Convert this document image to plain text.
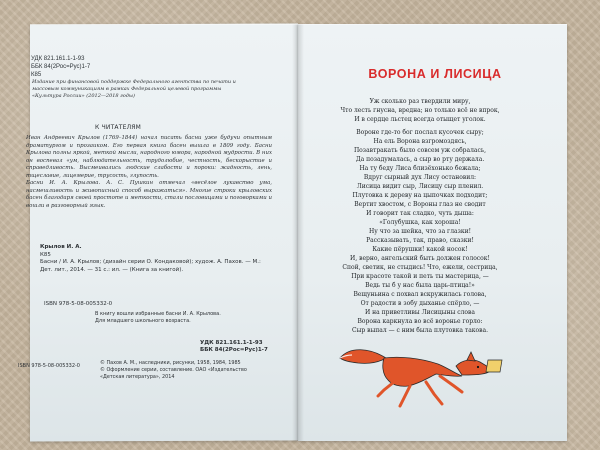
УДК 821.161.1-1-93
ББК 84(2Рос=Рус)1-7
К85
Издание при финансовой поддержке Федерального агентства по печати и массовым коммуникациям в рамках Федеральной целевой программы «Культура России» (2012—2018 годы)
К ЧИТАТЕЛЯМ

Иван Андреевич Крылов (1769–1844) начал писать басни уже будучи опытным драматургом и прозаиком. Его первая книга басен вышла в 1809 году. Басни Крылова полны яркой, меткой мысли, народного юмора, народной мудрости. В них он воспевал «ум, наблюдательность, трудолюбие, честность, бескорыстие и справедливость. Высмеивались людские слабости и пороки: жадность, лень, тщеславие, лицемерие, трусость, глупость.

Басни И. А. Крылова. А. С. Пушкин отмечал «весёлое лукавство ума, насмешливость и живописный способ выражаться». Многие строки крыловских басен благодаря своей простоте и меткости, стали пословицами и поговорками и вошли в разговорный язык.

Крылов И. А.
К85
Басни / И. А. Крылов; (дизайн серии О. Кондаковой); худож. А. Пахов. — М.: Дет. лит., 2014. — 31 с.: ил. — (Книга за книгой).
ISBN 978-5-08-005332-0
В книгу вошли избранные басни И. А. Крылова.
Для младшего школьного возраста.
УДК 821.161.1-1-93
ББК 84(2Рос=Рус)1-7
ISBN 978-5-08-005332-0	© Пахов А. М., наследники, рисунки, 1958, 1984, 1985
© Оформление серии, составление. ОАО «Издательство
«Детская литература», 2014
ВОРОНА И ЛИСИЦА

Уж сколько раз твердили миру,

Что лесть гнусна, вредна; но только всё не впрок,

И в сердце льстец всегда отыщет уголок.

Вороне где-то бог послал кусочек сыру;

На ель Ворона взгромоздясь,

Позавтракать было совсем уж собралась,

Да позадумалась, а сыр во рту держала.

На ту беду Лиса близёхонько бежала;

Вдруг сырный дух Лису остановил:

Лисица видит сыр, Лисицу сыр пленил.

Плутовка к дереву на цыпочках подходит;

Вертит хвостом, с Вороны глаз не сводит

И говорит так сладко, чуть дыша:

«Голубушка, как хороша!

Ну что за шейка, что за глазки!

Рассказывать, так, право, сказки!

Какие пёрушки! какой носок!

И, верно, ангельский быть должен голосок!

Спой, светик, не стыдись! Что, ежели, сестрица,

При красоте такой и петь ты мастерица, —

Ведь ты б у нас была царь-птица!»

Вещуньина с похвал вскружилась голова,

От радости в зобу дыханье спёрло, —

И на приветливы Лисицыны слова

Ворона каркнула во всё воронье горло:

Сыр выпал — с ним была плутовка такова.
